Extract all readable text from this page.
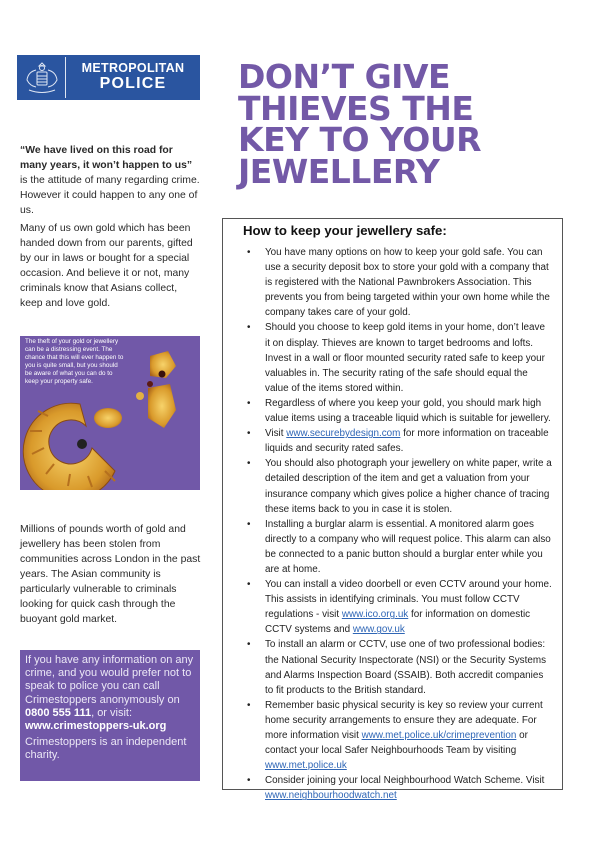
METROPOLITAN
POLICE	DON’T GIVE
THIEVES THE
KEY TO YOUR
JEWELLERY

“We have lived on this road for many years, it won’t happen to us” is the attitude of many regarding crime. However it could happen to any one of us.

Many of us own gold which has been handed down from our parents, gifted by our in laws or bought for a special occasion. And believe it or not, many criminals know that Asians collect, keep and love gold.

The theft of your gold or jewellery can be a distressing event. The chance that this will ever happen to you is quite small, but you should be aware of what you can do to keep your property safe.

Millions of pounds worth of gold and jewellery has been stolen from communities across London in the past years. The Asian community is particularly vulnerable to criminals looking for quick cash through the buoyant gold market.

If you have any information on any crime, and you would prefer not to speak to police you can call Crimestoppers anonymously on 0800 555 111, or visit:
www.crimestoppers-uk.org

Crimestoppers is an independent charity.

How to keep your jewellery safe:
• You have many options on how to keep your gold safe. You can use a security deposit box to store your gold with a company that is registered with the National Pawnbrokers Association. This prevents you from being targeted within your own home while the company takes care of your gold.
• Should you choose to keep gold items in your home, don’t leave it on display. Thieves are known to target bedrooms and lofts. Invest in a wall or floor mounted security rated safe to keep your valuables in. The security rating of the safe should equal the value of the items stored within.
• Regardless of where you keep your gold, you should mark high value items using a traceable liquid which is suitable for jewellery.
• Visit www.securebydesign.com for more information on traceable liquids and security rated safes.
• You should also photograph your jewellery on white paper, write a detailed description of the item and get a valuation from your insurance company which gives police a higher chance of tracing these items back to you in case it is stolen.
• Installing a burglar alarm is essential. A monitored alarm goes directly to a company who will request police. This alarm can also be connected to a panic button should a burglar enter while you are at home.
• You can install a video doorbell or even CCTV around your home. This assists in identifying criminals. You must follow CCTV regulations - visit www.ico.org.uk for information on domestic CCTV systems and www.gov.uk
• To install an alarm or CCTV, use one of two professional bodies: the National Security Inspectorate (NSI) or the Security Systems and Alarms Inspection Board (SSAIB). Both accredit companies to fit products to the British standard.
• Remember basic physical security is key so review your current home security arrangements to ensure they are adequate. For more information visit www.met.police.uk/crimeprevention or contact your local Safer Neighbourhoods Team by visiting www.met.police.uk
• Consider joining your local Neighbourhood Watch Scheme. Visit www.neighbourhoodwatch.net
